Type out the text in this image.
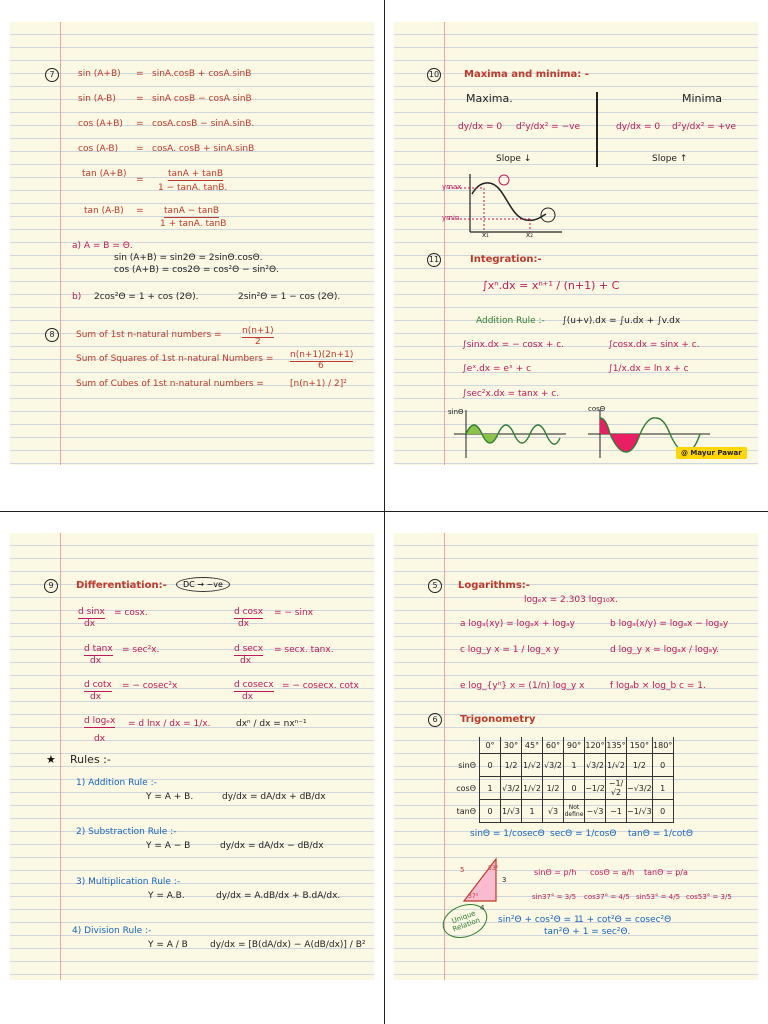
7	sin (A+B) = sinA.cosB + cosA.sinB
sin (A-B) = sinA cosB − cosA sinB
cos (A+B) = cosA.cosB − sinA.sinB.
cos (A-B) = cosA. cosB + sinA.sinB
tan (A+B)
=
tanA + tanB
1 − tanA. tanB.
tan (A-B) = tanA − tanB
1 + tanA. tanB
a) A = B = Θ.
sin (A+B) = sin2Θ = 2sinΘ.cosΘ.
cos (A+B) = cos2Θ = cos²Θ − sin²Θ.
b) 2cos²Θ = 1 + cos (2Θ).	2sin²Θ = 1 − cos (2Θ).
8	Sum of 1st n-natural numbers = n(n+1)
2
Sum of Squares of 1st n-natural Numbers = n(n+1)(2n+1)
6
Sum of Cubes of 1st n-natural numbers =	[n(n+1) / 2]²
10 Maxima and minima: -
Maxima.	Minima
dy/dx = 0 d²y/dx² = −ve	dy/dx = 0 d²y/dx² = +ve
Slope ↓	Slope ↑
ymax
ymin
x₁	x₂
11	Integration:-
∫xⁿ.dx = xⁿ⁺¹ / (n+1) + C
Addition Rule :- ∫(u+v).dx = ∫u.dx + ∫v.dx
∫sinx.dx = − cosx + c.	∫cosx.dx = sinx + c.
∫eˣ.dx = eˣ + c	∫1/x.dx = ln x + c
∫sec²x.dx = tanx + c.
sinΘ	cosΘ
@ Mayur Pawar
9	Differentiation:-	DC → −ve
d sinx
dx
= cosx.	d cosx
dx
= − sinx
d tanx
dx
= sec²x.	d secx
dx
= secx. tanx.
d cotx
dx
= − cosec²x	d cosecx
dx
= − cosecx. cotx
d logₑx
dx
= d lnx / dx = 1/x.	dxⁿ / dx = nxⁿ⁻¹
★ Rules :-
1) Addition Rule :-
Y = A + B.	dy/dx = dA/dx + dB/dx
2) Substraction Rule :-
Y = A − B	dy/dx = dA/dx − dB/dx
3) Multiplication Rule :-
Y = A.B.	dy/dx = A.dB/dx + B.dA/dx.
4) Division Rule :-
Y = A / B dy/dx = [B(dA/dx) − A(dB/dx)] / B²
5	Logarithms:-
logₑx = 2.303 log₁₀x.
a logₐ(xy) = logₐx + logₐy	b logₐ(x/y) = logₐx − logₐy
c log_y x = 1 / log_x y	d log_y x = logₐx / logₐy.
e log_{yⁿ} x = (1/n) log_y x	f logₐb × log_b c = 1.
6	Trigonometry
	0°	30°	45°	60°	90°	120°	135°	150°	180°
sinΘ	0	1/2	1/√2	√3/2	1	√3/2	1/√2	1/2	0
cosΘ	1	√3/2	1/√2	1/2	0	−1/2	−1/√2	−√3/2	1
tanΘ	0	1/√3	1	√3	Not define	−√3	−1	−1/√3	0
sinΘ = 1/cosecΘ secΘ = 1/cosΘ tanΘ = 1/cotΘ
5
3
4
53°
37°
sinΘ = p/h cosΘ = a/h tanΘ = p/a
sin37° = 3/5 cos37° = 4/5 sin53° = 4/5 cos53° = 3/5
Unique Relation	sin²Θ + cos²Θ = 1.
1 + cot²Θ = cosec²Θ
tan²Θ + 1 = sec²Θ.
